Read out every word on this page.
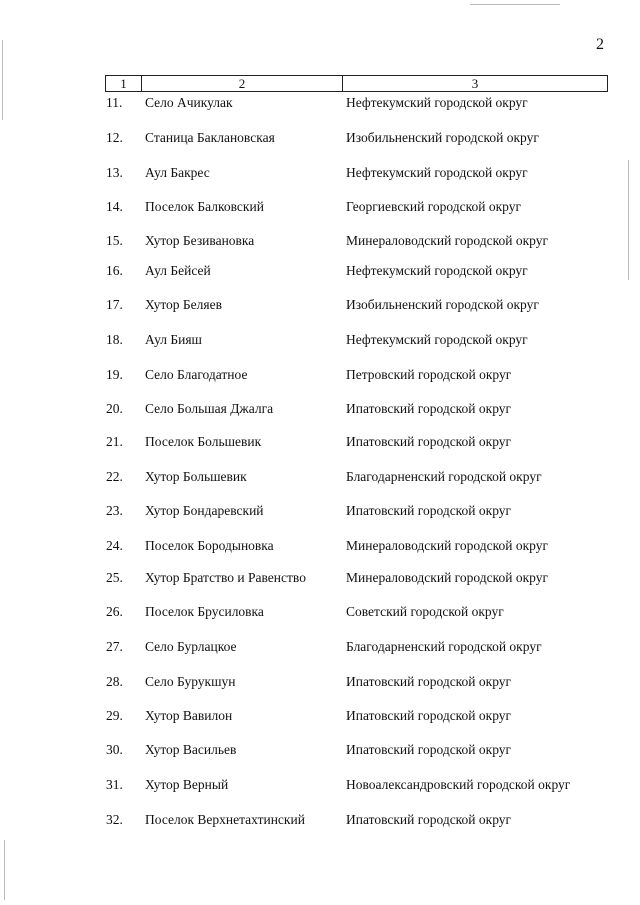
2
1	2	3
11. Село Ачикулак	Нефтекумский городской округ
12. Станица Баклановская	Изобильненский городской округ
13. Аул Бакрес	Нефтекумский городской округ
14. Поселок Балковский	Георгиевский городской округ
15. Хутор Безивановка	Минераловодский городской округ
16. Аул Бейсей	Нефтекумский городской округ
17. Хутор Беляев	Изобильненский городской округ
18. Аул Бияш	Нефтекумский городской округ
19. Село Благодатное	Петровский городской округ
20. Село Большая Джалга	Ипатовский городской округ
21. Поселок Большевик	Ипатовский городской округ
22. Хутор Большевик	Благодарненский городской округ
23. Хутор Бондаревский	Ипатовский городской округ
24. Поселок Бородыновка	Минераловодский городской округ
25. Хутор Братство и Равенство	Минераловодский городской округ
26. Поселок Брусиловка	Советский городской округ
27. Село Бурлацкое	Благодарненский городской округ
28. Село Бурукшун	Ипатовский городской округ
29. Хутор Вавилон	Ипатовский городской округ
30. Хутор Васильев	Ипатовский городской округ
31. Хутор Верный	Новоалександровский городской округ
32. Поселок Верхнетахтинский	Ипатовский городской округ
